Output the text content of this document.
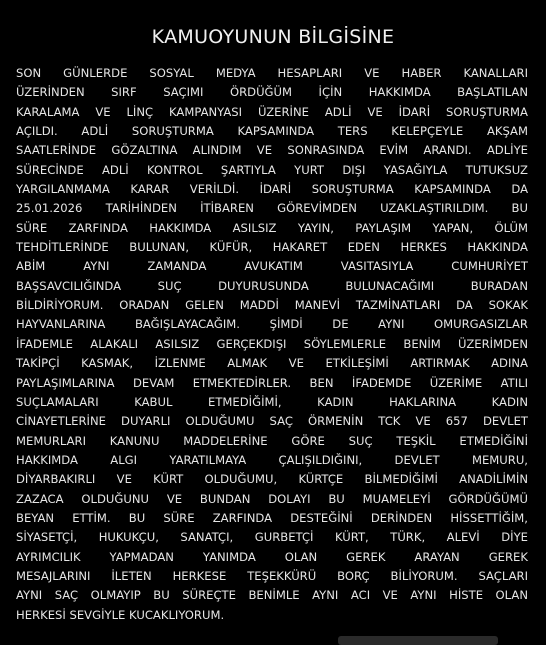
KAMUOYUNUN BİLGİSİNE
SON GÜNLERDE SOSYAL MEDYA HESAPLARI VE HABER KANALLARI
ÜZERİNDEN SIRF SAÇIMI ÖRDÜĞÜM İÇİN HAKKIMDA BAŞLATILAN
KARALAMA VE LİNÇ KAMPANYASI ÜZERİNE ADLİ VE İDARİ SORUŞTURMA
AÇILDI. ADLİ SORUŞTURMA KAPSAMINDA TERS KELEPÇEYLE AKŞAM
SAATLERİNDE GÖZALTINA ALINDIM VE SONRASINDA EVİM ARANDI. ADLİYE
SÜRECİNDE ADLİ KONTROL ŞARTIYLA YURT DIŞI YASAĞIYLA TUTUKSUZ
YARGILANMAMA KARAR VERİLDİ. İDARİ SORUŞTURMA KAPSAMINDA DA
25.01.2026 TARİHİNDEN İTİBAREN GÖREVİMDEN UZAKLAŞTIRILDIM. BU
SÜRE ZARFINDA HAKKIMDA ASILSIZ YAYIN, PAYLAŞIM YAPAN, ÖLÜM
TEHDİTLERİNDE BULUNAN, KÜFÜR, HAKARET EDEN HERKES HAKKINDA
ABİM AYNI ZAMANDA AVUKATIM VASITASIYLA CUMHURİYET
BAŞSAVCILIĞINDA SUÇ DUYURUSUNDA BULUNACAĞIMI BURADAN
BİLDİRİYORUM. ORADAN GELEN MADDİ MANEVİ TAZMİNATLARI DA SOKAK
HAYVANLARINA BAĞIŞLAYACAĞIM. ŞİMDİ DE AYNI OMURGASIZLAR
İFADEMLE ALAKALI ASILSIZ GERÇEKDIŞI SÖYLEMLERLE BENİM ÜZERİMDEN
TAKİPÇİ KASMAK, İZLENME ALMAK VE ETKİLEŞİMİ ARTIRMAK ADINA
PAYLAŞIMLARINA DEVAM ETMEKTEDİRLER. BEN İFADEMDE ÜZERİME ATILI
SUÇLAMALARI KABUL ETMEDİĞİMİ, KADIN HAKLARINA KADIN
CİNAYETLERİNE DUYARLI OLDUĞUMU SAÇ ÖRMENİN TCK VE 657 DEVLET
MEMURLARI KANUNU MADDELERİNE GÖRE SUÇ TEŞKİL ETMEDİĞİNİ
HAKKIMDA ALGI YARATILMAYA ÇALIŞILDIĞINI, DEVLET MEMURU,
DİYARBAKIRLI VE KÜRT OLDUĞUMU, KÜRTÇE BİLMEDİĞİMİ ANADİLİMİN
ZAZACA OLDUĞUNU VE BUNDAN DOLAYI BU MUAMELEYİ GÖRDÜĞÜMÜ
BEYAN ETTİM. BU SÜRE ZARFINDA DESTEĞİNİ DERİNDEN HİSSETTİĞİM,
SİYASETÇİ, HUKUKÇU, SANATÇI, GURBETÇİ KÜRT, TÜRK, ALEVİ DİYE
AYRIMCILIK YAPMADAN YANIMDA OLAN GEREK ARAYAN GEREK
MESAJLARINI İLETEN HERKESE TEŞEKKÜRÜ BORÇ BİLİYORUM. SAÇLARI
AYNI SAÇ OLMAYIP BU SÜREÇTE BENİMLE AYNI ACI VE AYNI HİSTE OLAN
HERKESİ SEVGİYLE KUCAKLIYORUM.
